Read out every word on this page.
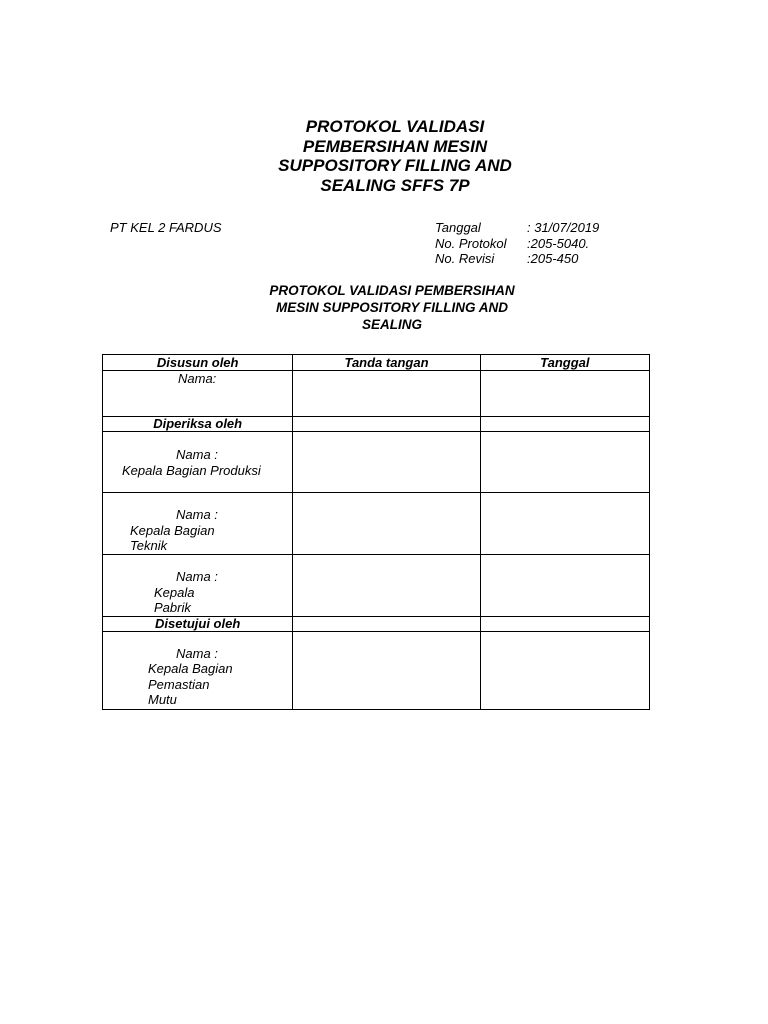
PROTOKOL VALIDASI
PEMBERSIHAN MESIN
SUPPOSITORY FILLING AND
SEALING SFFS 7P
PT KEL 2 FARDUS	Tanggal	: 31/07/2019
No. Protokol	:205-5040.
No. Revisi	:205-450
PROTOKOL VALIDASI PEMBERSIHAN
MESIN SUPPOSITORY FILLING AND
SEALING
Disusun oleh	Tanda tangan	Tanggal

Nama:		

Diperiksa oleh		

Nama :
Kepala Bagian Produksi		

Nama :
Kepala Bagian
Teknik		

Nama :
Kepala
Pabrik		

Disetujui oleh		

Nama :
Kepala Bagian
Pemastian
Mutu		
